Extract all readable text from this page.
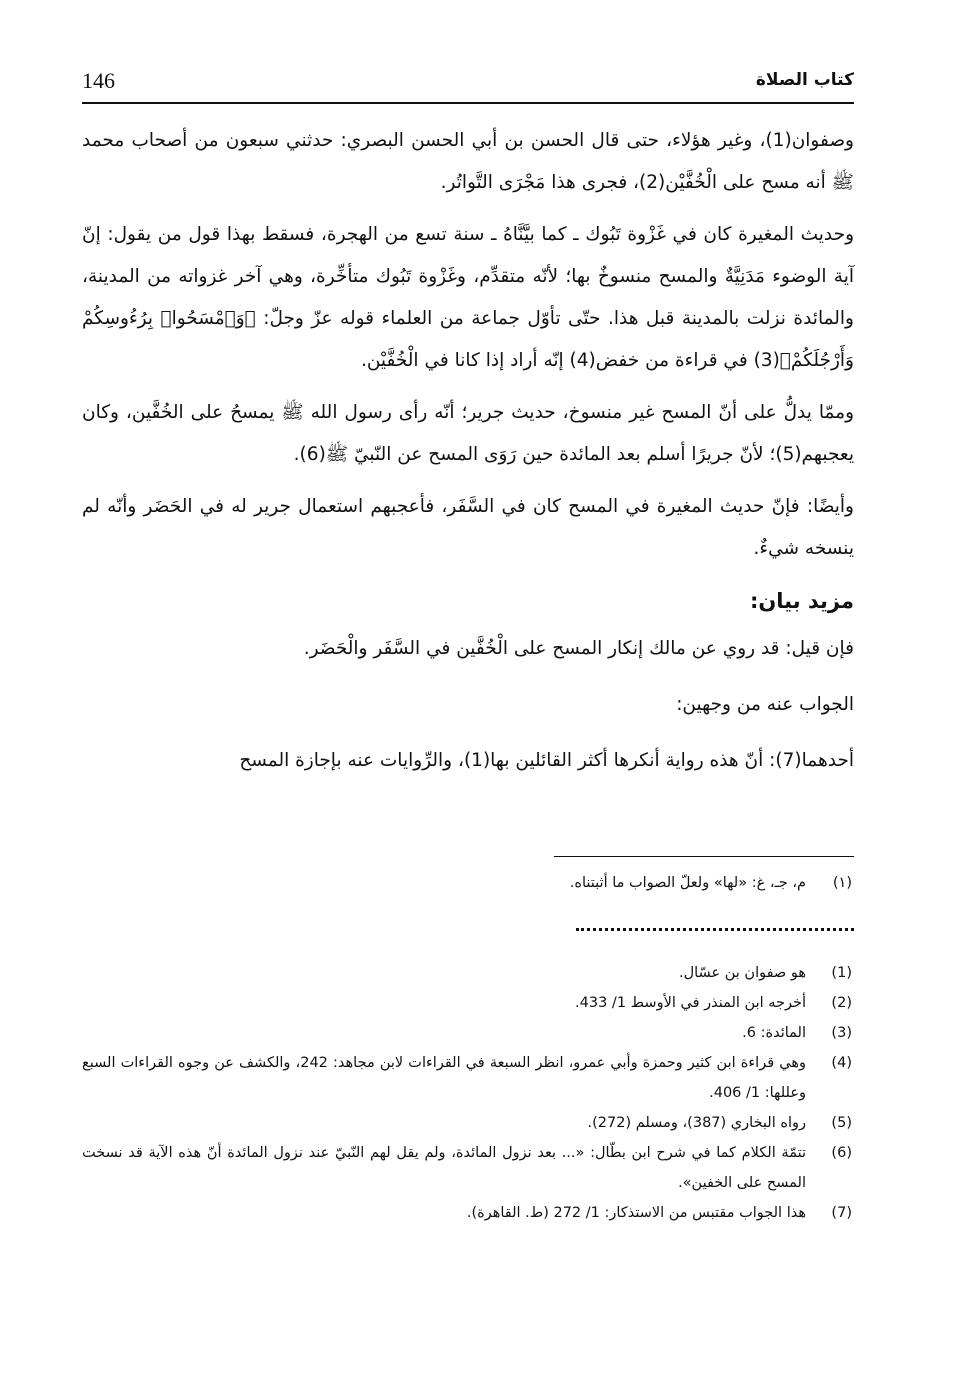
146	كتاب الصلاة

وصفوان(1)، وغير هؤلاء، حتى قال الحسن بن أبي الحسن البصري: حدثني سبعون من أصحاب محمد ﷺ أنه مسح على الْخُفَّيْن(2)، فجرى هذا مَجْرَى التَّواتُر.

وحديث المغيرة كان في غَزْوة تَبُوك ـ كما بيَّنَّاهُ ـ سنة تسع من الهجرة، فسقط بهذا قول من يقول: إنّ آية الوضوء مَدَنِيَّةٌ والمسح منسوخٌ بها؛ لأنّه متقدِّم، وغَزْوة تَبُوك متأخِّرة، وهي آخر غزواته من المدينة، والمائدة نزلت بالمدينة قبل هذا. حتّى تأوّل جماعة من العلماء قوله عزّ وجلّ: ﴿وَٱمْسَحُوا۟ بِرُءُوسِكُمْ وَأَرْجُلَكُمْ﴾(3) في قراءة من خفض(4) إنّه أراد إذا كانا في الْخُفَّيْن.

وممّا يدلُّ على أنّ المسح غير منسوخ، حديث جرير؛ أنّه رأى رسول الله ﷺ يمسحُ على الخُفَّين، وكان يعجبهم(5)؛ لأنّ جريرًا أسلم بعد المائدة حين رَوَى المسح عن النّبيّ ﷺ(6).

وأيضًا: فإنّ حديث المغيرة في المسح كان في السَّفَر، فأعجبهم استعمال جرير له في الحَضَر وأنّه لم ينسخه شيءٌ.

مزيد بيان:

فإن قيل: قد روي عن مالك إنكار المسح على الْخُفَّين في السَّفَر والْحَضَر.

الجواب عنه من وجهين:

أحدهما(7): أنّ هذه رواية أنكرها أكثر القائلين بها(1)، والرِّوايات عنه بإجازة المسح

(١)
م، جـ، غ: «لها» ولعلّ الصواب ما أثبتناه.
(1)
هو صفوان بن عسّال.
(2)
أخرجه ابن المنذر في الأوسط 1/ 433.
(3)
المائدة: 6.
(4)
وهي قراءة ابن كثير وحمزة وأبي عمرو، انظر السبعة في القراءات لابن مجاهد: 242، والكشف عن وجوه القراءات السبع وعللها: 1/ 406.
(5)
رواه البخاري (387)، ومسلم (272).
(6)
تتمّة الكلام كما في شرح ابن بطّال: «... بعد نزول المائدة، ولم يقل لهم النّبيّ عند نزول المائدة أنّ هذه الآية قد نسخت المسح على الخفين».
(7)
هذا الجواب مقتبس من الاستذكار: 1/ 272 (ط. القاهرة).
